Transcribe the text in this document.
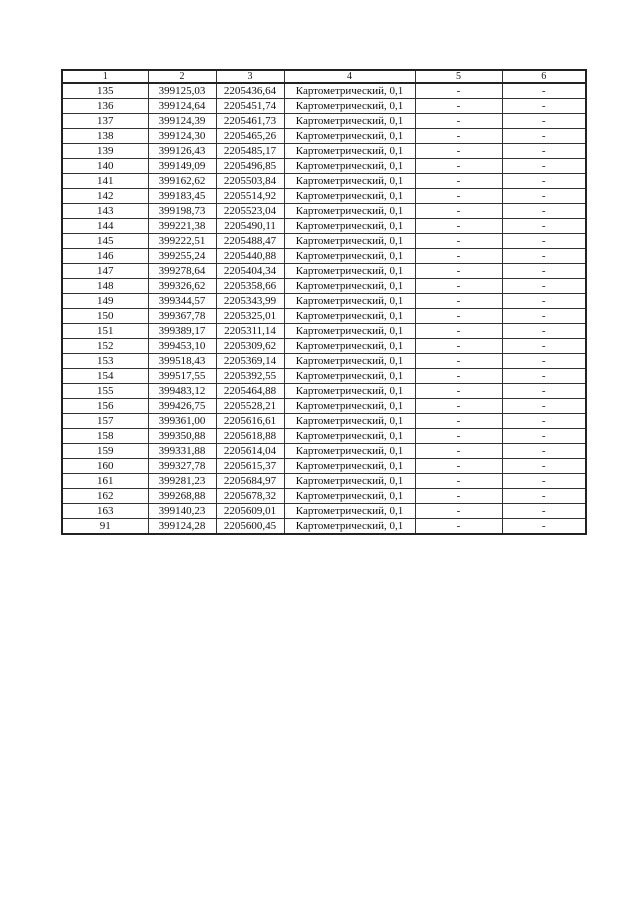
1	2	3	4	5	6
135	399125,03	2205436,64	Картометрический, 0,1	-	-
136	399124,64	2205451,74	Картометрический, 0,1	-	-
137	399124,39	2205461,73	Картометрический, 0,1	-	-
138	399124,30	2205465,26	Картометрический, 0,1	-	-
139	399126,43	2205485,17	Картометрический, 0,1	-	-
140	399149,09	2205496,85	Картометрический, 0,1	-	-
141	399162,62	2205503,84	Картометрический, 0,1	-	-
142	399183,45	2205514,92	Картометрический, 0,1	-	-
143	399198,73	2205523,04	Картометрический, 0,1	-	-
144	399221,38	2205490,11	Картометрический, 0,1	-	-
145	399222,51	2205488,47	Картометрический, 0,1	-	-
146	399255,24	2205440,88	Картометрический, 0,1	-	-
147	399278,64	2205404,34	Картометрический, 0,1	-	-
148	399326,62	2205358,66	Картометрический, 0,1	-	-
149	399344,57	2205343,99	Картометрический, 0,1	-	-
150	399367,78	2205325,01	Картометрический, 0,1	-	-
151	399389,17	2205311,14	Картометрический, 0,1	-	-
152	399453,10	2205309,62	Картометрический, 0,1	-	-
153	399518,43	2205369,14	Картометрический, 0,1	-	-
154	399517,55	2205392,55	Картометрический, 0,1	-	-
155	399483,12	2205464,88	Картометрический, 0,1	-	-
156	399426,75	2205528,21	Картометрический, 0,1	-	-
157	399361,00	2205616,61	Картометрический, 0,1	-	-
158	399350,88	2205618,88	Картометрический, 0,1	-	-
159	399331,88	2205614,04	Картометрический, 0,1	-	-
160	399327,78	2205615,37	Картометрический, 0,1	-	-
161	399281,23	2205684,97	Картометрический, 0,1	-	-
162	399268,88	2205678,32	Картометрический, 0,1	-	-
163	399140,23	2205609,01	Картометрический, 0,1	-	-
91	399124,28	2205600,45	Картометрический, 0,1	-	-
